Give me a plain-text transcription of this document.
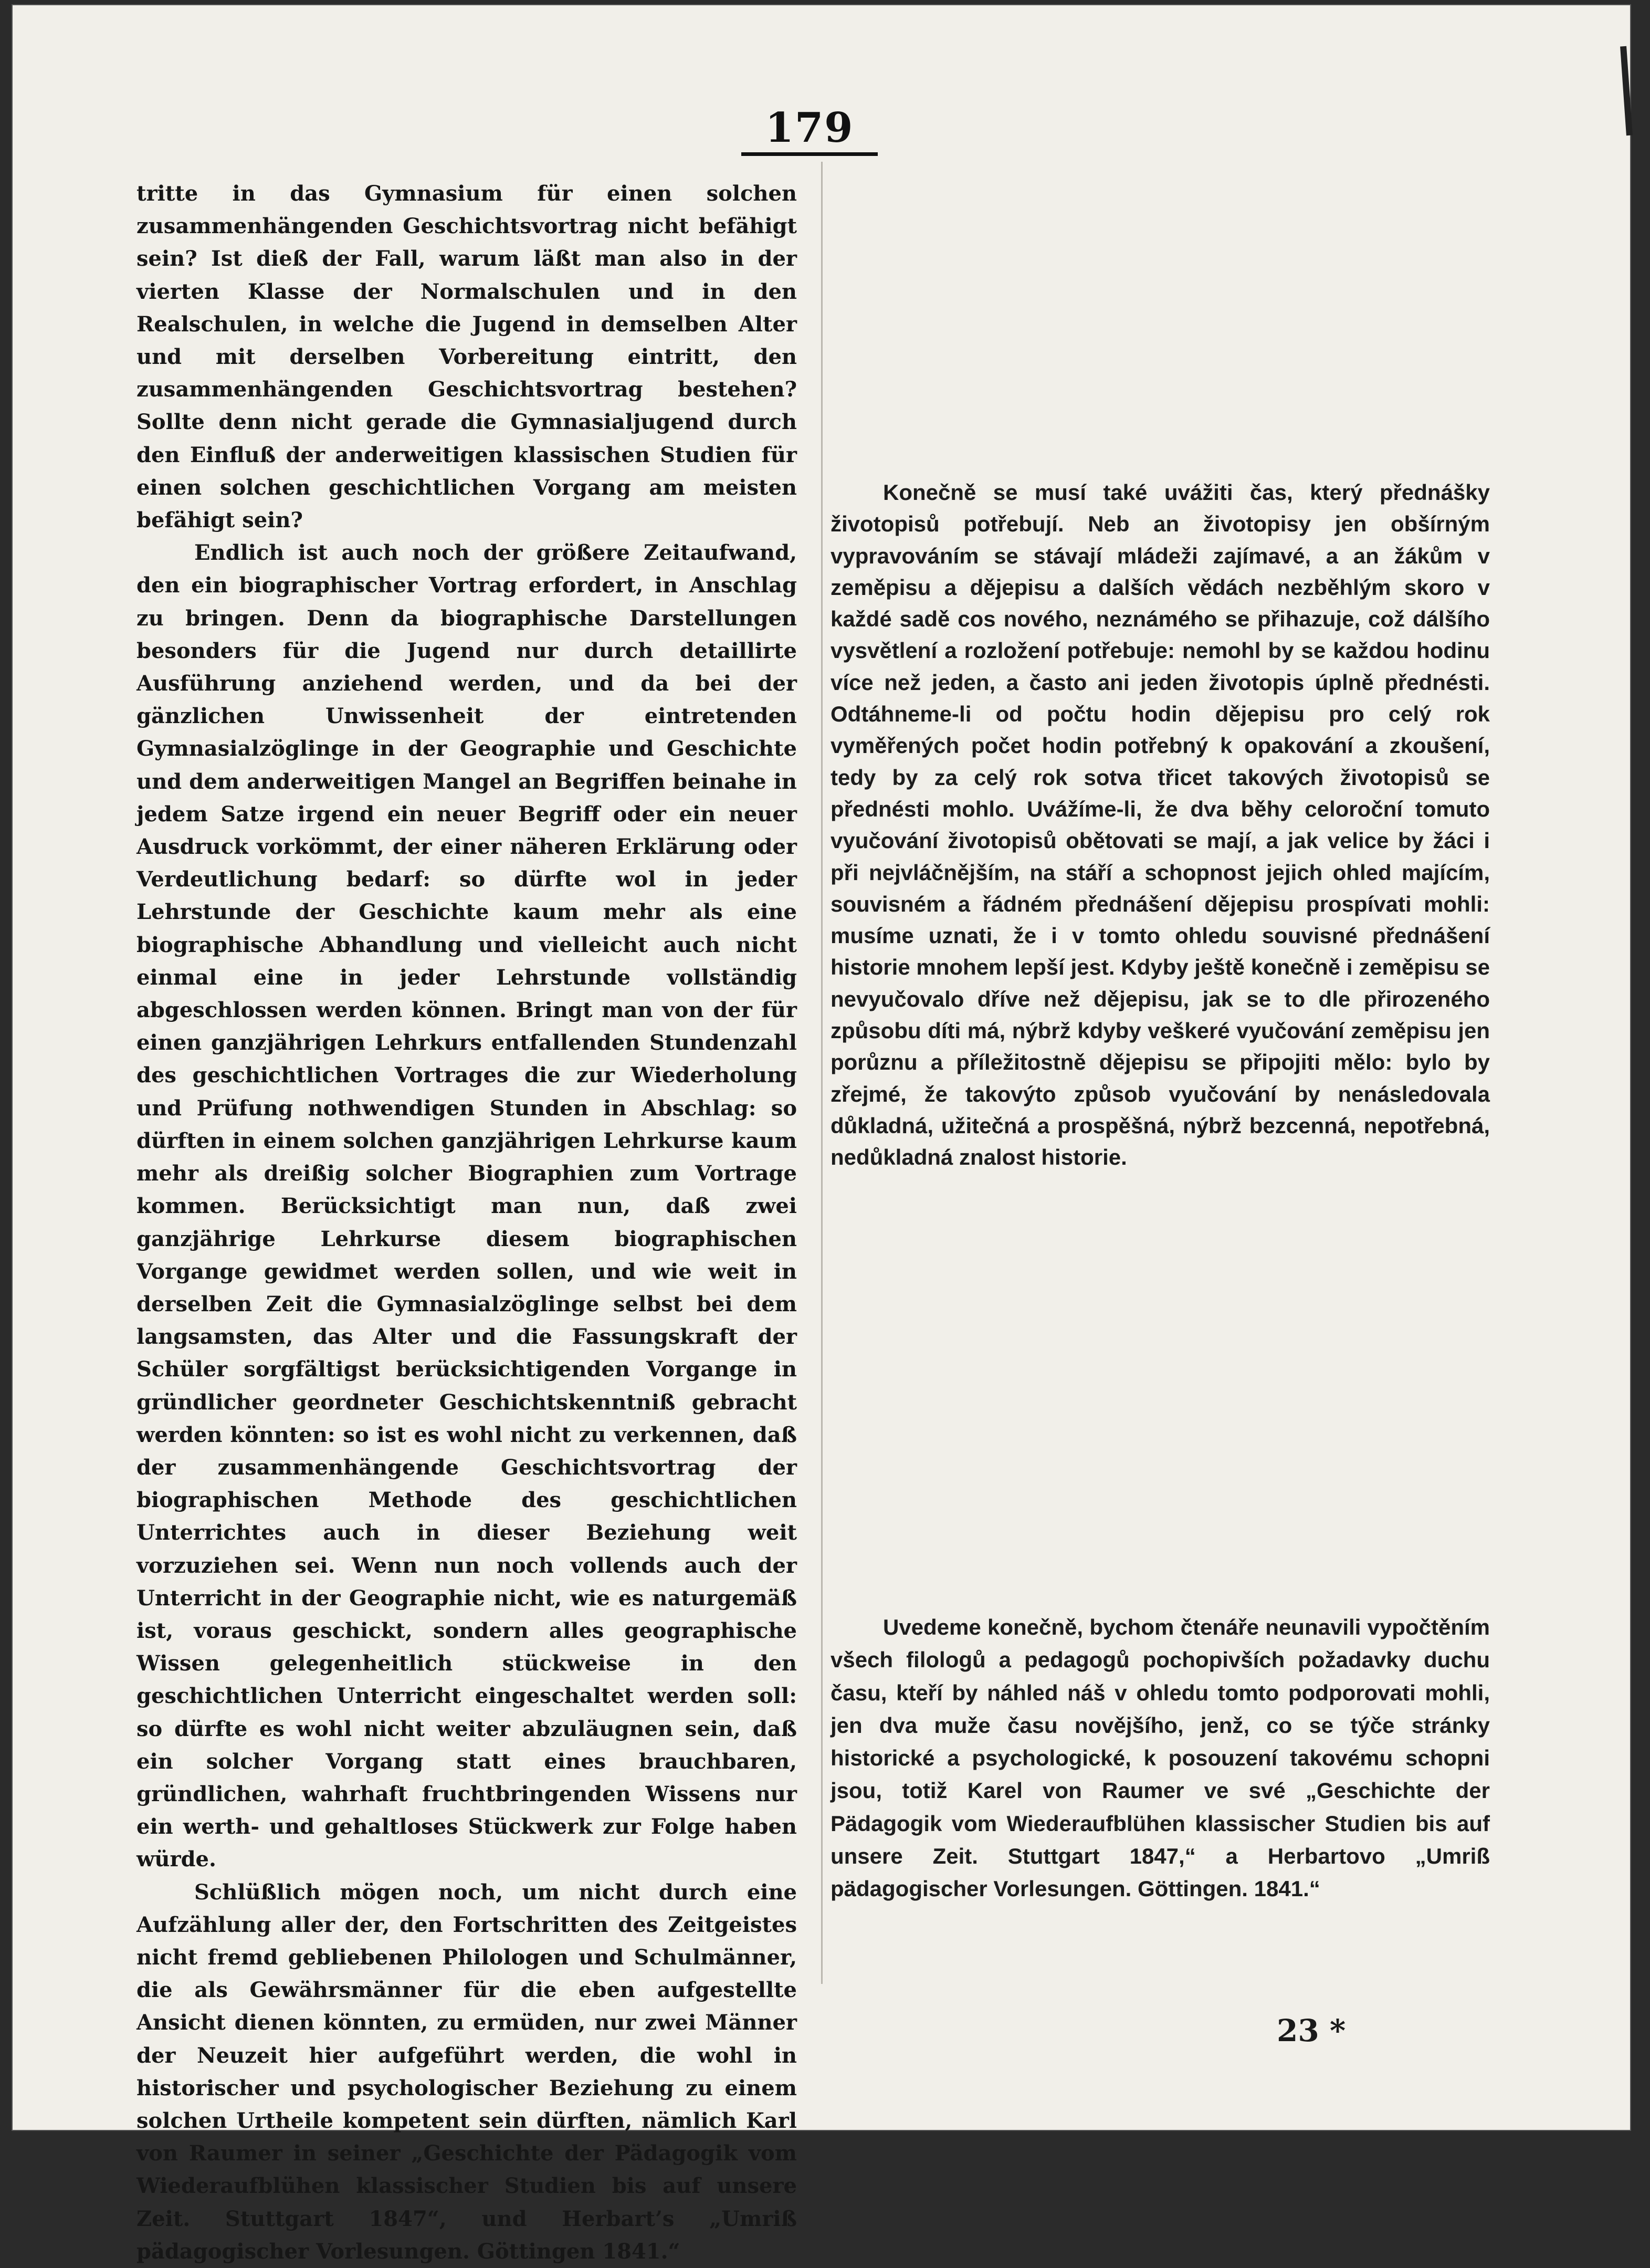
179

tritte in das Gymnasium für einen solchen zusammenhängenden Geschichtsvortrag nicht befähigt sein? Ist dieß der Fall, warum läßt man also in der vierten Klasse der Normalschulen und in den Realschulen, in welche die Jugend in demselben Alter und mit derselben Vorbereitung eintritt, den zusammenhängenden Geschichtsvortrag bestehen? Sollte denn nicht gerade die Gymnasialjugend durch den Einfluß der anderweitigen klassischen Studien für einen solchen geschichtlichen Vorgang am meisten befähigt sein?

Endlich ist auch noch der größere Zeitaufwand, den ein biographischer Vortrag erfordert, in Anschlag zu bringen. Denn da biographische Darstellungen besonders für die Jugend nur durch detaillirte Ausführung anziehend werden, und da bei der gänzlichen Unwissenheit der eintretenden Gymnasialzöglinge in der Geographie und Geschichte und dem anderweitigen Mangel an Begriffen beinahe in jedem Satze irgend ein neuer Begriff oder ein neuer Ausdruck vorkömmt, der einer näheren Erklärung oder Verdeutlichung bedarf: so dürfte wol in jeder Lehrstunde der Geschichte kaum mehr als eine biographische Abhandlung und vielleicht auch nicht einmal eine in jeder Lehrstunde vollständig abgeschlossen werden können. Bringt man von der für einen ganzjährigen Lehrkurs entfallenden Stundenzahl des geschichtlichen Vortrages die zur Wiederholung und Prüfung nothwendigen Stunden in Abschlag: so dürften in einem solchen ganzjährigen Lehrkurse kaum mehr als dreißig solcher Biographien zum Vortrage kommen. Berücksichtigt man nun, daß zwei ganzjährige Lehrkurse diesem biographischen Vorgange gewidmet werden sollen, und wie weit in derselben Zeit die Gymnasialzöglinge selbst bei dem langsamsten, das Alter und die Fassungskraft der Schüler sorgfältigst berücksichtigenden Vorgange in gründlicher geordneter Geschichtskenntniß gebracht werden könnten: so ist es wohl nicht zu verkennen, daß der zusammenhängende Geschichtsvortrag der biographischen Methode des geschichtlichen Unterrichtes auch in dieser Beziehung weit vorzuziehen sei. Wenn nun noch vollends auch der Unterricht in der Geographie nicht, wie es naturgemäß ist, voraus geschickt, sondern alles geographische Wissen gelegenheitlich stückweise in den geschichtlichen Unterricht eingeschaltet werden soll: so dürfte es wohl nicht weiter abzuläugnen sein, daß ein solcher Vorgang statt eines brauchbaren, gründlichen, wahrhaft fruchtbringenden Wissens nur ein werth- und gehaltloses Stückwerk zur Folge haben würde.

Schlüßlich mögen noch, um nicht durch eine Aufzählung aller der, den Fortschritten des Zeitgeistes nicht fremd gebliebenen Philologen und Schulmänner, die als Gewährsmänner für die eben aufgestellte Ansicht dienen könnten, zu ermüden, nur zwei Männer der Neuzeit hier aufgeführt werden, die wohl in historischer und psychologischer Beziehung zu einem solchen Urtheile kompetent sein dürften, nämlich Karl von Raumer in seiner „Geschichte der Pädagogik vom Wiederaufblühen klassischer Studien bis auf unsere Zeit. Stuttgart 1847“, und Herbart’s „Umriß pädagogischer Vorlesungen. Göttingen 1841.“

Konečně se musí také uvážiti čas, který přednášky životopisů potřebují. Neb an životopisy jen obšírným vypravováním se stávají mládeži zajímavé, a an žákům v zeměpisu a dějepisu a dalších vědách nezběhlým skoro v každé sadě cos nového, neznámého se přihazuje, což dálšího vysvětlení a rozložení potřebuje: nemohl by se každou hodinu více než jeden, a často ani jeden životopis úplně přednésti. Odtáhneme-li od počtu hodin dějepisu pro celý rok vyměřených počet hodin potřebný k opakování a zkoušení, tedy by za celý rok sotva třicet takových životopisů se přednésti mohlo. Uvážíme-li, že dva běhy celoroční tomuto vyučování životopisů obětovati se mají, a jak velice by žáci i při nejvláčnějším, na stáří a schopnost jejich ohled majícím, souvisném a řádném přednášení dějepisu prospívati mohli: musíme uznati, že i v tomto ohledu souvisné přednášení historie mnohem lepší jest. Kdyby ještě konečně i zeměpisu se nevyučovalo dříve než dějepisu, jak se to dle přirozeného způsobu díti má, nýbrž kdyby veškeré vyučování zeměpisu jen porůznu a příležitostně dějepisu se připojiti mělo: bylo by zřejmé, že takovýto způsob vyučování by nenásledovala důkladná, užitečná a prospěšná, nýbrž bezcenná, nepotřebná, nedůkladná znalost historie.

Uvedeme konečně, bychom čtenáře neunavili vypočtěním všech filologů a pedagogů pochopivších požadavky duchu času, kteří by náhled náš v ohledu tomto podporovati mohli, jen dva muže času novějšího, jenž, co se týče stránky historické a psychologické, k posouzení takovému schopni jsou, totiž Karel von Raumer ve své „Geschichte der Pädagogik vom Wiederaufblühen klassischer Studien bis auf unsere Zeit. Stuttgart 1847,“ a Herbartovo „Umriß pädagogischer Vorlesungen. Göttingen. 1841.“

23 *
